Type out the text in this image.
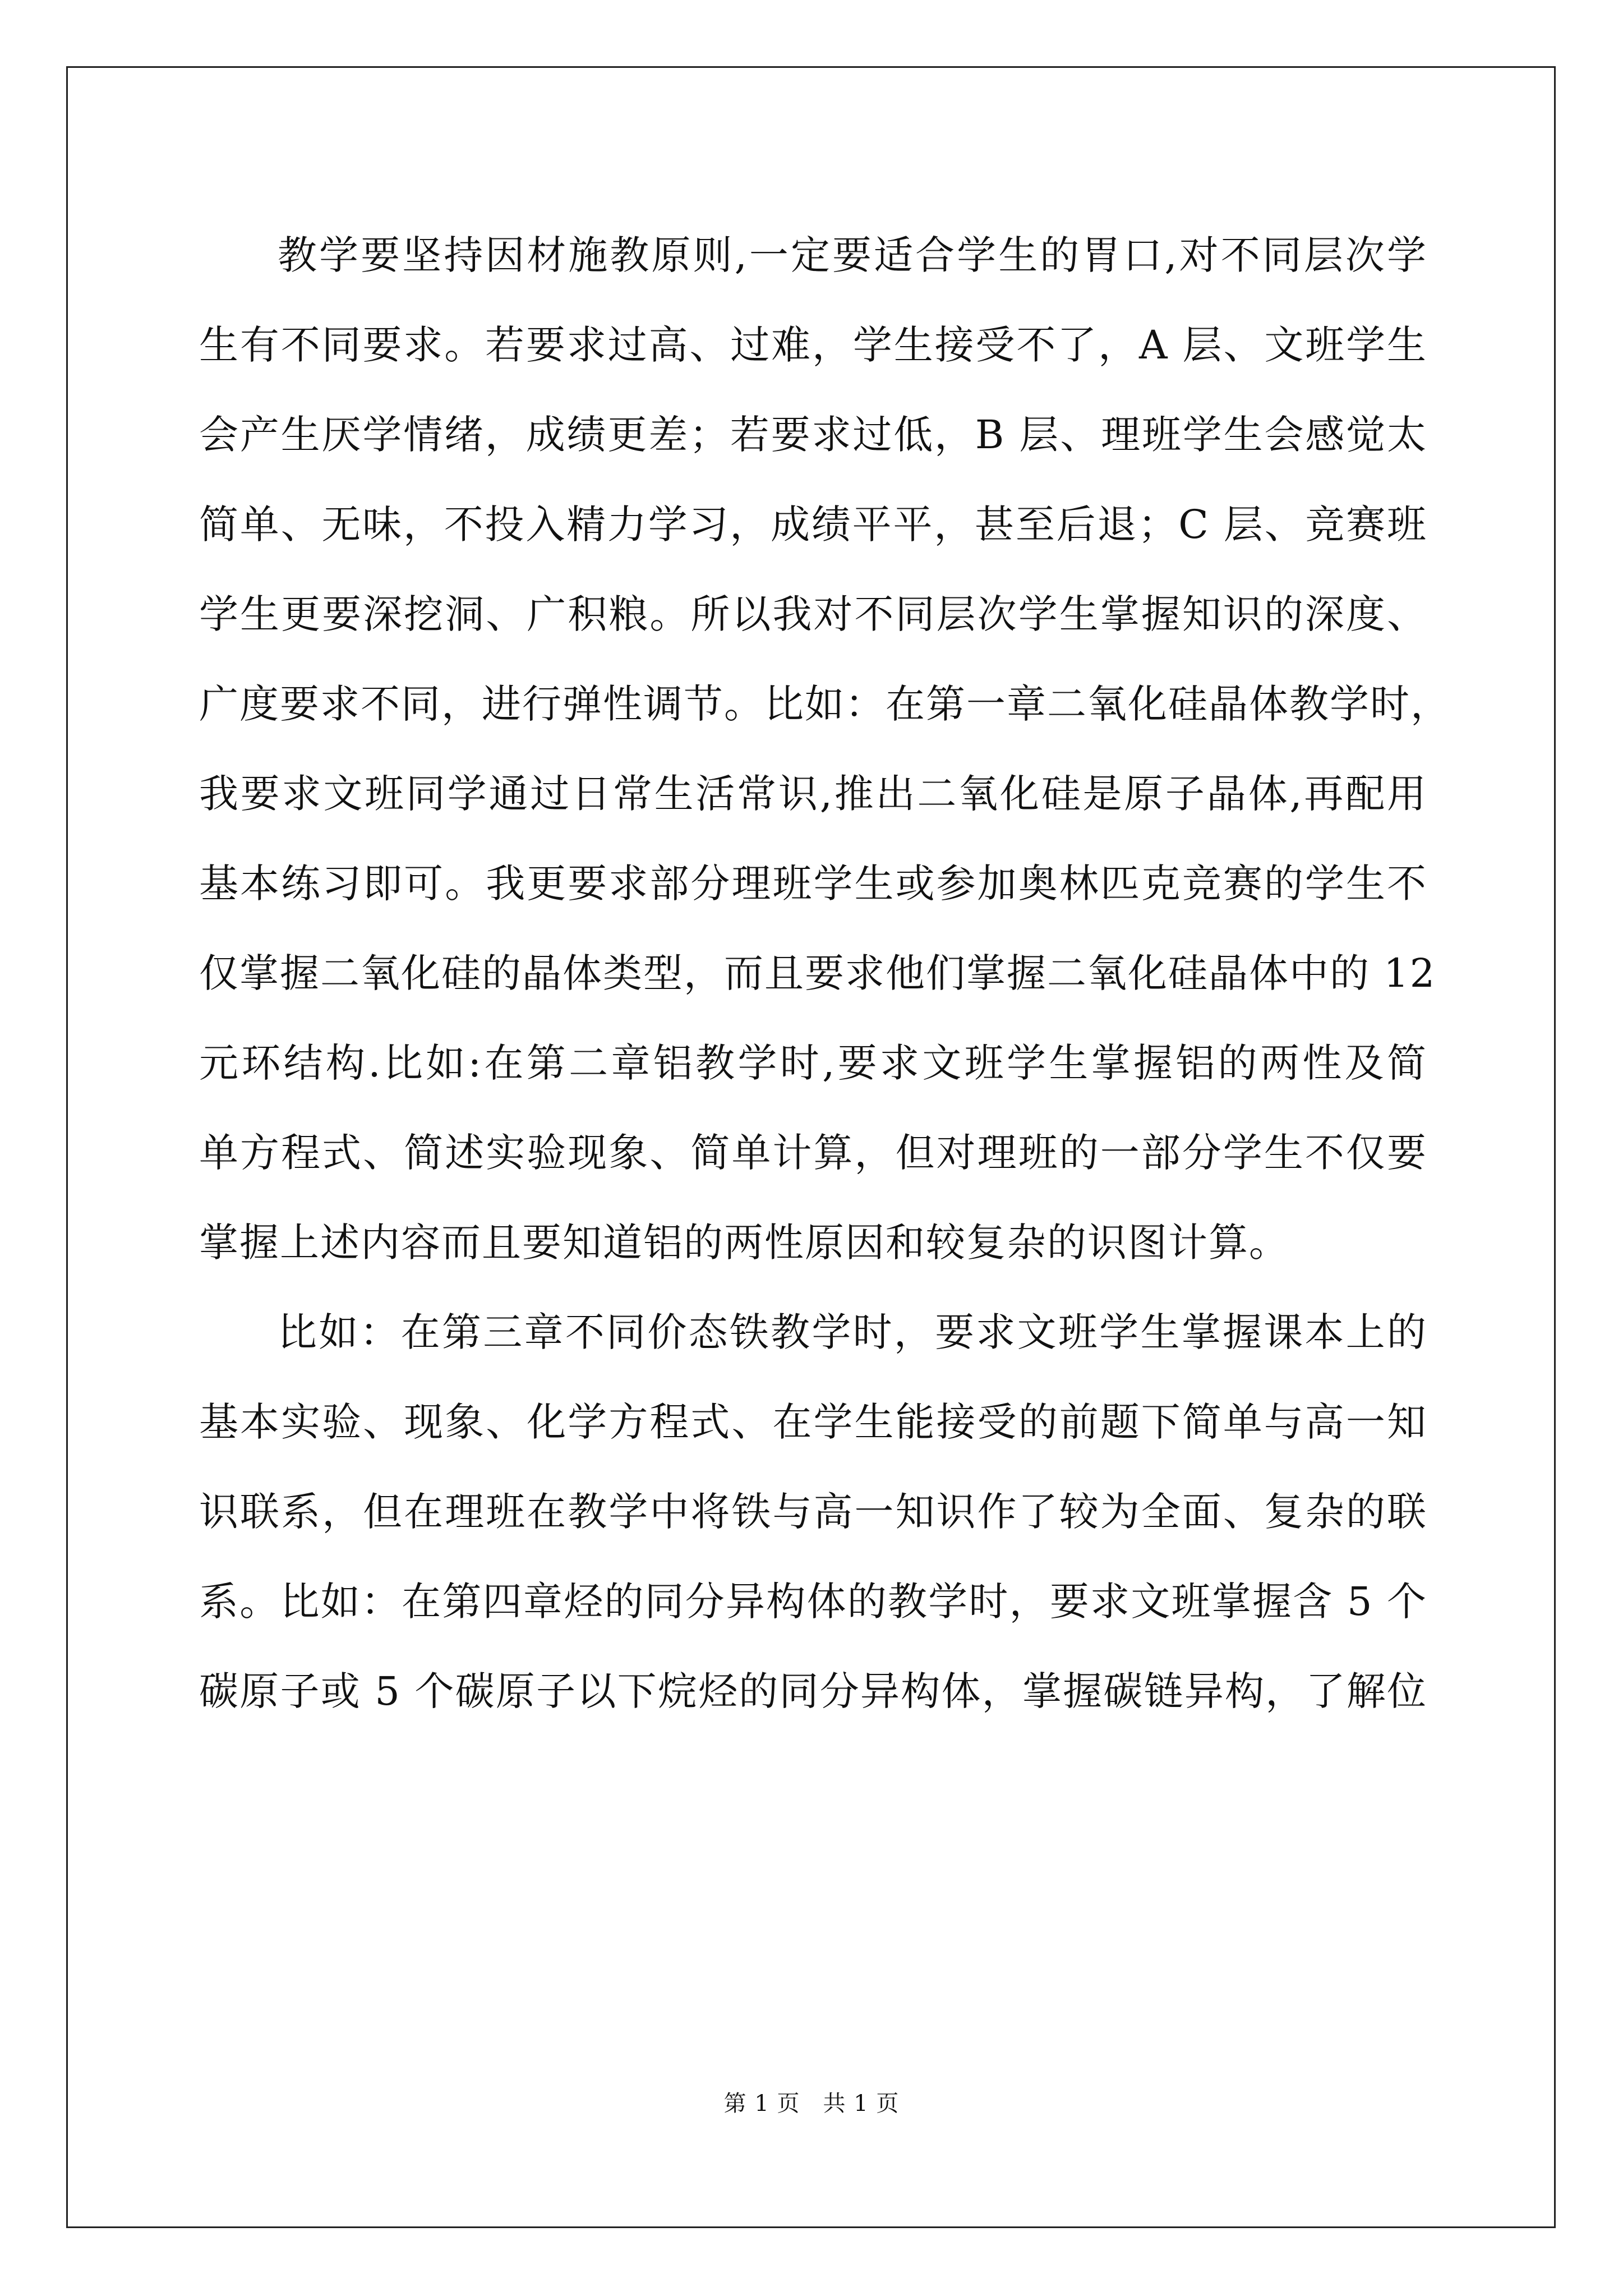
教学要坚持因材施教原则,一定要适合学生的胃口,对不同层次学
生有不同要求。若要求过高、过难，学生接受不了，A 层、文班学生
会产生厌学情绪，成绩更差；若要求过低，B 层、理班学生会感觉太
简单、无味，不投入精力学习，成绩平平，甚至后退；C 层、竞赛班
学生更要深挖洞、广积粮。所以我对不同层次学生掌握知识的深度、
广度要求不同，进行弹性调节。比如：在第一章二氧化硅晶体教学时，
我要求文班同学通过日常生活常识,推出二氧化硅是原子晶体,再配用
基本练习即可。我更要求部分理班学生或参加奥林匹克竞赛的学生不
仅掌握二氧化硅的晶体类型，而且要求他们掌握二氧化硅晶体中的 12
元环结构.比如:在第二章铝教学时,要求文班学生掌握铝的两性及简
单方程式、简述实验现象、简单计算，但对理班的一部分学生不仅要
掌握上述内容而且要知道铝的两性原因和较复杂的识图计算。

比如：在第三章不同价态铁教学时，要求文班学生掌握课本上的
基本实验、现象、化学方程式、在学生能接受的前题下简单与高一知
识联系，但在理班在教学中将铁与高一知识作了较为全面、复杂的联
系。比如：在第四章烃的同分异构体的教学时，要求文班掌握含 5 个
碳原子或 5 个碳原子以下烷烃的同分异构体，掌握碳链异构，了解位

第 1 页　共 1 页
